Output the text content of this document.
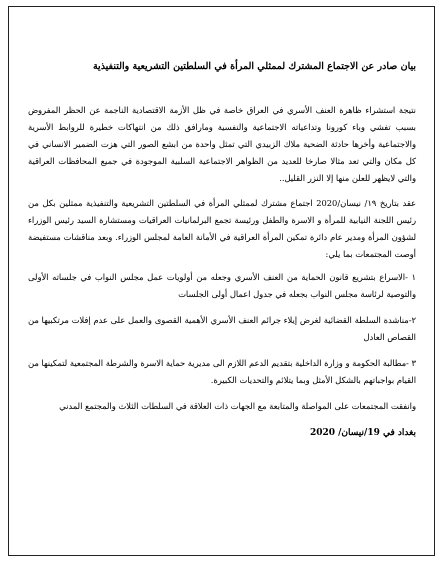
بيان صادر عن الاجتماع المشترك لممثلي المرأة في السلطتين التشريعية والتنفيذية

نتيجة استشراء ظاهرة العنف الأسري في العراق خاصة في ظل الأزمة الاقتصادية الناجمة عن الحظر المفروض بسبب تفشي وباء كورونا وتداعياته الاجتماعية والنفسية ومارافق ذلك من انتهاكات خطيرة للروابط الأسرية والاجتماعية وأخرها حادثة الضحية ملاك الزبيدي التي تمثل واحدة من ابشع الصور التي هزت الضمير الانساني في كل مكان والتي تعد مثالا صارخا للعديد من الظواهر الاجتماعية السلبية الموجودة في جميع المحافظات العراقية والتي لايظهر للعلن منها إلا النزر القليل..

عقد بتاريخ ١٩/ نيسان/2020 اجتماع مشترك لممثلي المرأة في السلطتين التشريعية والتنفيذية ممثلين بكل من رئيس اللجنة النيابية للمرأة و الاسرة والطفل ورئيسة تجمع البرلمانيات العراقيات ومستشارة السيد رئيس الوزراء لشؤون المرأة ومدير عام دائرة تمكين المرأة العراقية في الأمانة العامة لمجلس الوزراء. وبعد مناقشات مستفيضة أوصت المجتمعات بما يلي:

١ -الاسراع بتشريع قانون الحماية من العنف الأسري وجعله من أولويات عمل مجلس النواب في جلساته الأولى والتوصية لرئاسة مجلس النواب بجعله في جدول اعمال أولى الجلسات

٢-مناشدة السلطة القضائية لغرض إيلاء جرائم العنف الأسري الأهمية القصوى والعمل على عدم إفلات مرتكبيها من القصاص العادل

٣ -مطالبة الحكومة و وزارة الداخلية بتقديم الدعم اللازم الى مديرية حماية الاسرة والشرطة المجتمعية لتمكينها من القيام بواجباتهم بالشكل الأمثل وبما يتلائم والتحديات الكبيرة.

وانفقت المجتمعات على المواصلة والمتابعة مع الجهات ذات العلاقة في السلطات الثلاث والمجتمع المدني

بغداد في 19/نيسان/ 2020
